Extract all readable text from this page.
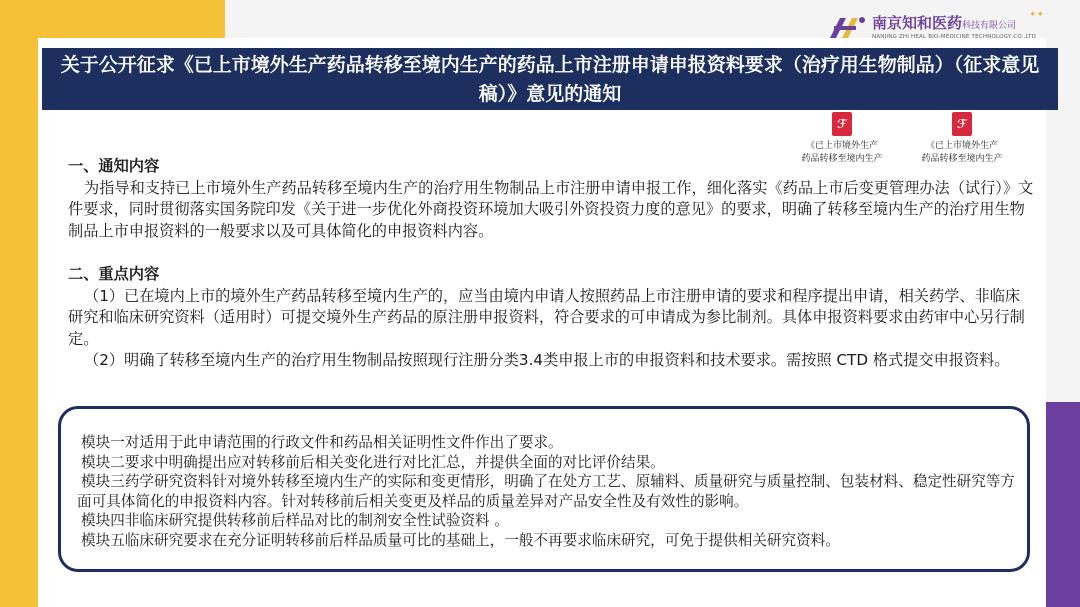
南京知和医药科技有限公司
NANJING ZHI HEAL BIO-MEDICINE TECHNOLOGY CO.,LTD
✦✦
关于公开征求《已上市境外生产药品转移至境内生产的药品上市注册申请申报资料要求（治疗用生物制品）（征求意见稿）》意见的通知
ℱ
《已上市境外生产
药品转移至境内生产
ℱ
《已上市境外生产
药品转移至境内生产
一、通知内容
为指导和支持已上市境外生产药品转移至境内生产的治疗用生物制品上市注册申请申报工作，细化落实《药品上市后变更管理办法（试行）》文件要求，同时贯彻落实国务院印发《关于进一步优化外商投资环境加大吸引外资投资力度的意见》的要求，明确了转移至境内生产的治疗用生物制品上市申报资料的一般要求以及可具体简化的申报资料内容。
二、重点内容
（1）已在境内上市的境外生产药品转移至境内生产的，应当由境内申请人按照药品上市注册申请的要求和程序提出申请，相关药学、非临床研究和临床研究资料（适用时）可提交境外生产药品的原注册申报资料，符合要求的可申请成为参比制剂。具体申报资料要求由药审中心另行制定。
（2）明确了转移至境内生产的治疗用生物制品按照现行注册分类3.4类申报上市的申报资料和技术要求。需按照 CTD 格式提交申报资料。

模块一对适用于此申请范围的行政文件和药品相关证明性文件作出了要求。

模块二要求中明确提出应对转移前后相关变化进行对比汇总，并提供全面的对比评价结果。

模块三药学研究资料针对境外转移至境内生产的实际和变更情形，明确了在处方工艺、原辅料、质量研究与质量控制、包装材料、稳定性研究等方面可具体简化的申报资料内容。针对转移前后相关变更及样品的质量差异对产品安全性及有效性的影响。

模块四非临床研究提供转移前后样品对比的制剂安全性试验资料 。

模块五临床研究要求在充分证明转移前后样品质量可比的基础上，一般不再要求临床研究，可免于提供相关研究资料。
